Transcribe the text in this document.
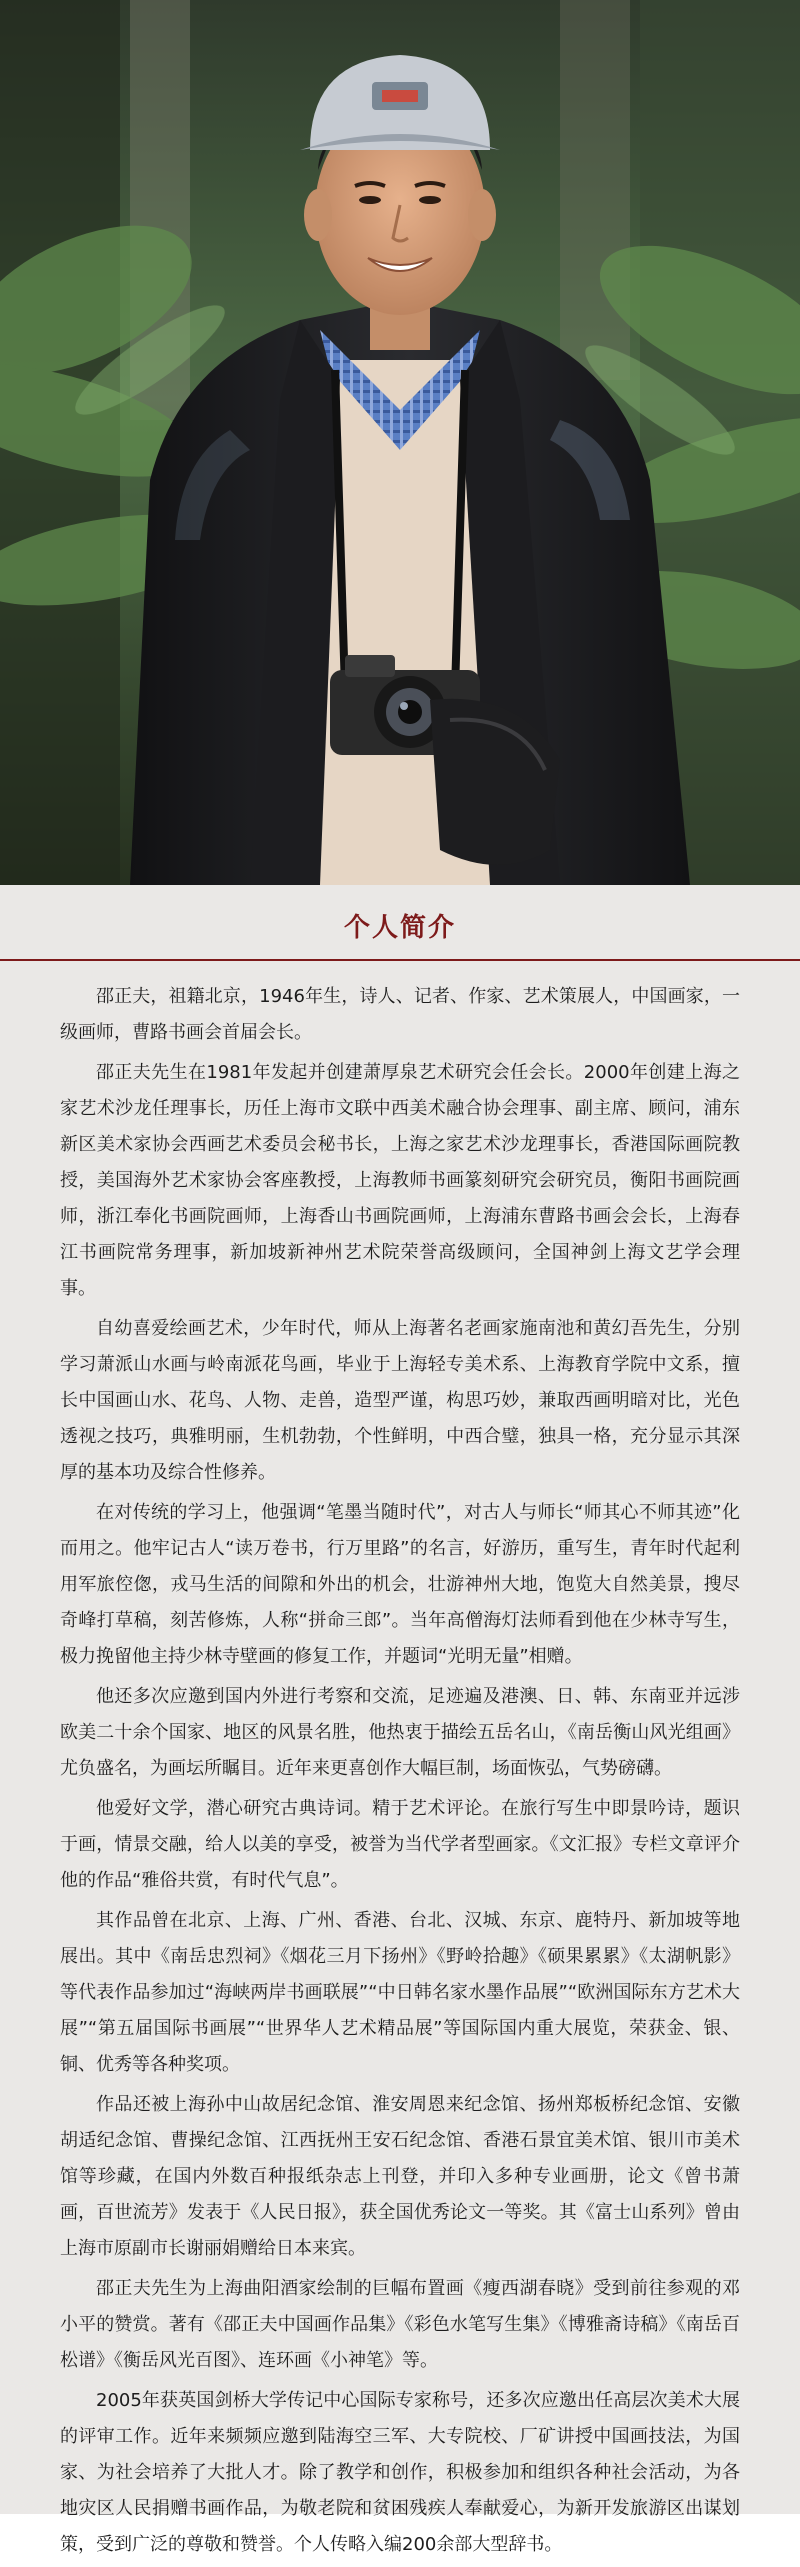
个人简介

邵正夫，祖籍北京，1946年生，诗人、记者、作家、艺术策展人，中国画家，一级画师，曹路书画会首届会长。

邵正夫先生在1981年发起并创建萧厚泉艺术研究会任会长。2000年创建上海之家艺术沙龙任理事长，历任上海市文联中西美术融合协会理事、副主席、顾问，浦东新区美术家协会西画艺术委员会秘书长，上海之家艺术沙龙理事长，香港国际画院教授，美国海外艺术家协会客座教授，上海教师书画篆刻研究会研究员，衡阳书画院画师，浙江奉化书画院画师，上海香山书画院画师，上海浦东曹路书画会会长，上海春江书画院常务理事，新加坡新神州艺术院荣誉高级顾问，全国神剑上海文艺学会理事。

自幼喜爱绘画艺术，少年时代，师从上海著名老画家施南池和黄幻吾先生，分别学习萧派山水画与岭南派花鸟画，毕业于上海轻专美术系、上海教育学院中文系，擅长中国画山水、花鸟、人物、走兽，造型严谨，构思巧妙，兼取西画明暗对比，光色透视之技巧，典雅明丽，生机勃勃，个性鲜明，中西合璧，独具一格，充分显示其深厚的基本功及综合性修养。

在对传统的学习上，他强调“笔墨当随时代”，对古人与师长“师其心不师其迹”化而用之。他牢记古人“读万卷书，行万里路”的名言，好游历，重写生，青年时代起利用军旅倥偬，戎马生活的间隙和外出的机会，壮游神州大地，饱览大自然美景，搜尽奇峰打草稿，刻苦修炼，人称“拼命三郎”。当年高僧海灯法师看到他在少林寺写生，极力挽留他主持少林寺壁画的修复工作，并题词“光明无量”相赠。

他还多次应邀到国内外进行考察和交流，足迹遍及港澳、日、韩、东南亚并远涉欧美二十余个国家、地区的风景名胜，他热衷于描绘五岳名山，《南岳衡山风光组画》尤负盛名，为画坛所瞩目。近年来更喜创作大幅巨制，场面恢弘，气势磅礴。

他爱好文学，潜心研究古典诗词。精于艺术评论。在旅行写生中即景吟诗，题识于画，情景交融，给人以美的享受，被誉为当代学者型画家。《文汇报》专栏文章评介他的作品“雅俗共赏，有时代气息”。

其作品曾在北京、上海、广州、香港、台北、汉城、东京、鹿特丹、新加坡等地展出。其中《南岳忠烈祠》《烟花三月下扬州》《野岭拾趣》《硕果累累》《太湖帆影》等代表作品参加过“海峡两岸书画联展”“中日韩名家水墨作品展”“欧洲国际东方艺术大展”“第五届国际书画展”“世界华人艺术精品展”等国际国内重大展览，荣获金、银、铜、优秀等各种奖项。

作品还被上海孙中山故居纪念馆、淮安周恩来纪念馆、扬州郑板桥纪念馆、安徽胡适纪念馆、曹操纪念馆、江西抚州王安石纪念馆、香港石景宜美术馆、银川市美术馆等珍藏，在国内外数百种报纸杂志上刊登，并印入多种专业画册，论文《曾书萧画，百世流芳》发表于《人民日报》，获全国优秀论文一等奖。其《富士山系列》曾由上海市原副市长谢丽娟赠给日本来宾。

邵正夫先生为上海曲阳酒家绘制的巨幅布置画《瘦西湖春晓》受到前往参观的邓小平的赞赏。著有《邵正夫中国画作品集》《彩色水笔写生集》《博雅斋诗稿》《南岳百松谱》《衡岳风光百图》、连环画《小神笔》等。

2005年获英国剑桥大学传记中心国际专家称号，还多次应邀出任高层次美术大展的评审工作。近年来频频应邀到陆海空三军、大专院校、厂矿讲授中国画技法，为国家、为社会培养了大批人才。除了教学和创作，积极参加和组织各种社会活动，为各地灾区人民捐赠书画作品，为敬老院和贫困残疾人奉献爱心，为新开发旅游区出谋划策，受到广泛的尊敬和赞誉。个人传略入编200余部大型辞书。
